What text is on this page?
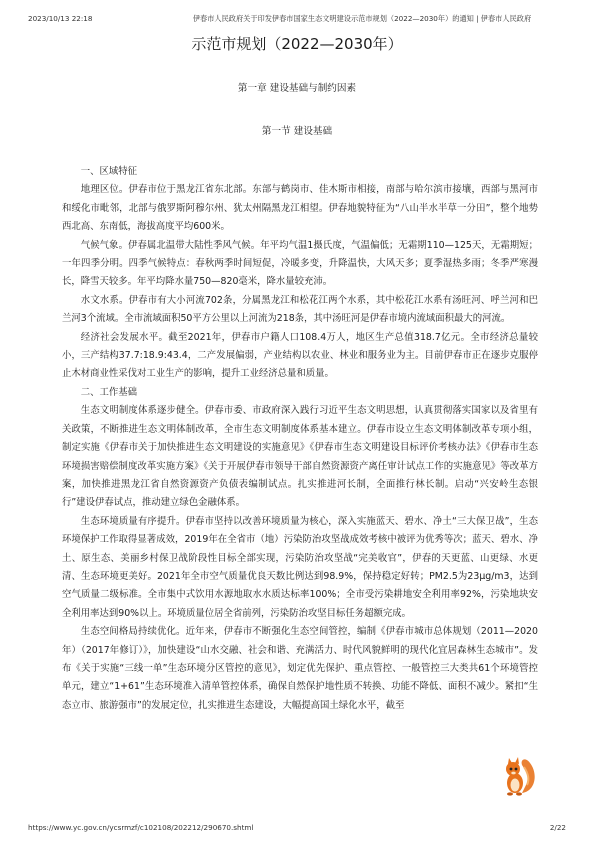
2023/10/13 22:18	伊春市人民政府关于印发伊春市国家生态文明建设示范市规划（2022—2030年）的通知 | 伊春市人民政府
示范市规划（2022—2030年）
第一章 建设基础与制约因素
第一节 建设基础
一、区域特征

地理区位。伊春市位于黑龙江省东北部。东部与鹤岗市、佳木斯市相接，南部与哈尔滨市接壤，西部与黑河市和绥化市毗邻，北部与俄罗斯阿穆尔州、犹太州隔黑龙江相望。伊春地貌特征为“八山半水半草一分田”，整个地势西北高、东南低，海拔高度平均600米。

气候气象。伊春属北温带大陆性季风气候。年平均气温1摄氏度，气温偏低；无霜期110—125天，无霜期短；一年四季分明。四季气候特点：春秋两季时间短促，冷暖多变，升降温快，大风天多；夏季湿热多雨；冬季严寒漫长，降雪天较多。年平均降水量750—820毫米，降水量较充沛。

水文水系。伊春市有大小河流702条，分属黑龙江和松花江两个水系，其中松花江水系有汤旺河、呼兰河和巴兰河3个流域。全市流域面积50平方公里以上河流为218条，其中汤旺河是伊春市境内流域面积最大的河流。

经济社会发展水平。截至2021年，伊春市户籍人口108.4万人，地区生产总值318.7亿元。全市经济总量较小，三产结构37.7:18.9:43.4，二产发展偏弱，产业结构以农业、林业和服务业为主。目前伊春市正在逐步克服停止木材商业性采伐对工业生产的影响，提升工业经济总量和质量。

二、工作基础

生态文明制度体系逐步健全。伊春市委、市政府深入践行习近平生态文明思想，认真贯彻落实国家以及省里有关政策，不断推进生态文明体制改革，全市生态文明制度体系基本建立。伊春市设立生态文明体制改革专项小组，制定实施《伊春市关于加快推进生态文明建设的实施意见》《伊春市生态文明建设目标评价考核办法》《伊春市生态环境损害赔偿制度改革实施方案》《关于开展伊春市领导干部自然资源资产离任审计试点工作的实施意见》等改革方案，加快推进黑龙江省自然资源资产负债表编制试点。扎实推进河长制，全面推行林长制。启动“兴安岭生态银行”建设伊春试点，推动建立绿色金融体系。

生态环境质量有序提升。伊春市坚持以改善环境质量为核心，深入实施蓝天、碧水、净土“三大保卫战”，生态环境保护工作取得显著成效，2019年在全省市（地）污染防治攻坚战成效考核中被评为优秀等次；蓝天、碧水、净土、原生态、美丽乡村保卫战阶段性目标全部实现，污染防治攻坚战“完美收官”，伊春的天更蓝、山更绿、水更清、生态环境更美好。2021年全市空气质量优良天数比例达到98.9%，保持稳定好转；PM2.5为23μg/m3，达到空气质量二级标准。全市集中式饮用水源地取水水质达标率100%；全市受污染耕地安全利用率92%，污染地块安全利用率达到90%以上。环境质量位居全省前列，污染防治攻坚目标任务超额完成。

生态空间格局持续优化。近年来，伊春市不断强化生态空间管控，编制《伊春市城市总体规划（2011—2020年）（2017年修订）》，加快建设“山水交融、社会和谐、充满活力、时代风貌鲜明的现代化宜居森林生态城市”。发布《关于实施“三线一单”生态环境分区管控的意见》，划定优先保护、重点管控、一般管控三大类共61个环境管控单元，建立“1+61”生态环境准入清单管控体系，确保自然保护地性质不转换、功能不降低、面积不减少。紧扣“生态立市、旅游强市”的发展定位，扎实推进生态建设，大幅提高国土绿化水平，截至

https://www.yc.gov.cn/ycsrmzf/c102108/202212/290670.shtml	2/22
